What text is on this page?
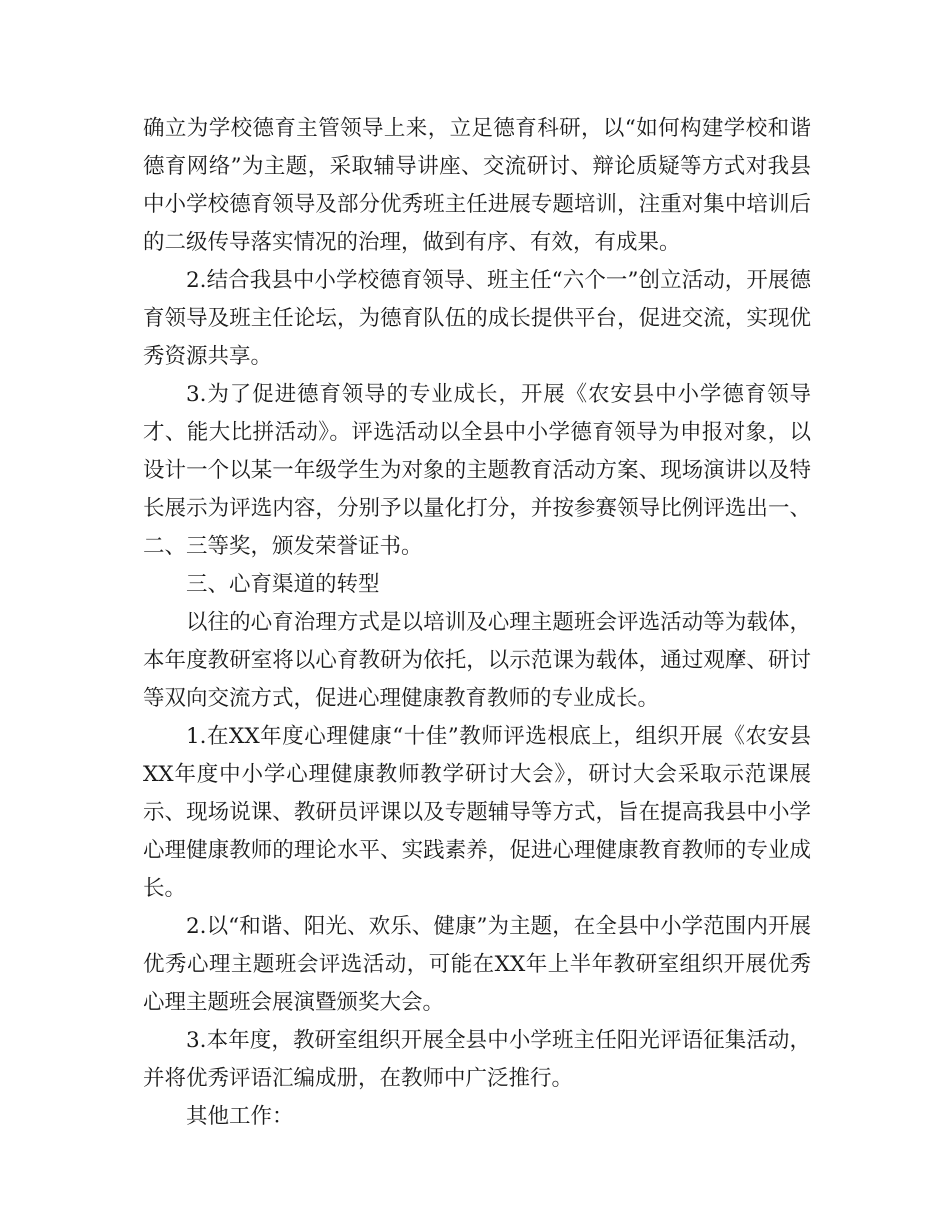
确立为学校德育主管领导上来，立足德育科研，以“如何构建学校和谐德育网络”为主题，采取辅导讲座、交流研讨、辩论质疑等方式对我县中小学校德育领导及部分优秀班主任进展专题培训，注重对集中培训后的二级传导落实情况的治理，做到有序、有效，有成果。

2.结合我县中小学校德育领导、班主任“六个一”创立活动，开展德育领导及班主任论坛，为德育队伍的成长提供平台，促进交流，实现优秀资源共享。

3.为了促进德育领导的专业成长，开展《农安县中小学德育领导才、能大比拼活动》。评选活动以全县中小学德育领导为申报对象，以设计一个以某一年级学生为对象的主题教育活动方案、现场演讲以及特长展示为评选内容，分别予以量化打分，并按参赛领导比例评选出一、二、三等奖，颁发荣誉证书。

三、心育渠道的转型

以往的心育治理方式是以培训及心理主题班会评选活动等为载体，本年度教研室将以心育教研为依托，以示范课为载体，通过观摩、研讨等双向交流方式，促进心理健康教育教师的专业成长。

1.在XX年度心理健康“十佳”教师评选根底上，组织开展《农安县XX年度中小学心理健康教师教学研讨大会》，研讨大会采取示范课展示、现场说课、教研员评课以及专题辅导等方式，旨在提高我县中小学心理健康教师的理论水平、实践素养，促进心理健康教育教师的专业成长。

2.以“和谐、阳光、欢乐、健康”为主题，在全县中小学范围内开展优秀心理主题班会评选活动，可能在XX年上半年教研室组织开展优秀心理主题班会展演暨颁奖大会。

3.本年度，教研室组织开展全县中小学班主任阳光评语征集活动，并将优秀评语汇编成册，在教师中广泛推行。

其他工作：
